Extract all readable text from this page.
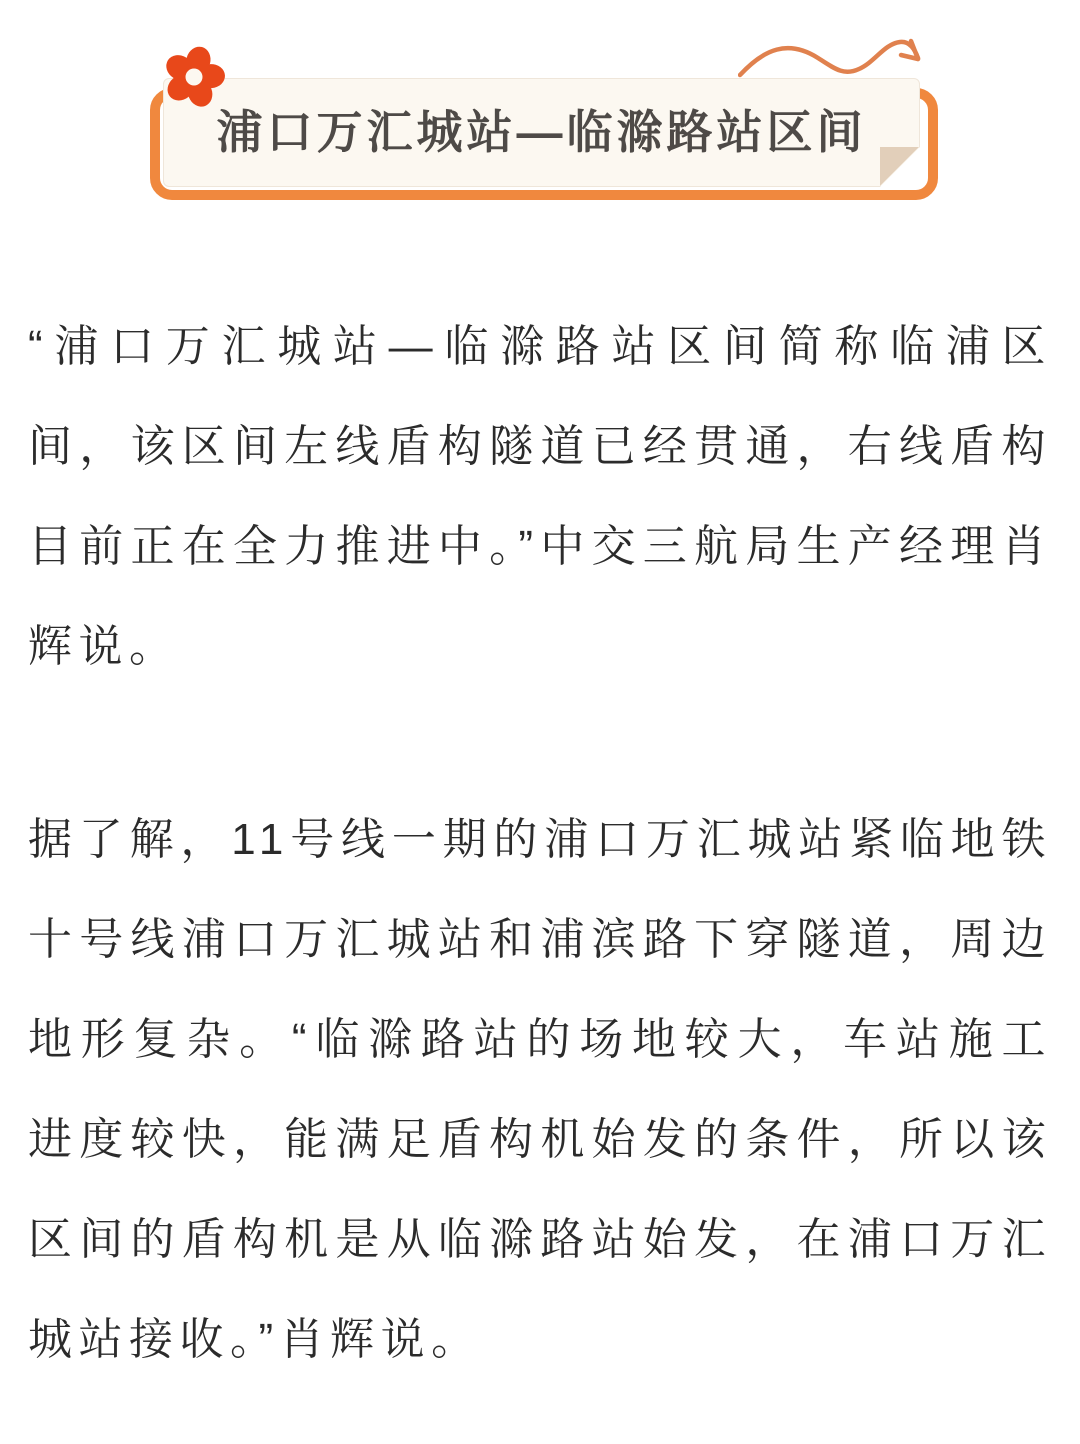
浦口万汇城站—临滁路站区间

“浦口万汇城站—临滁路站区间简称临浦区间，该区间左线盾构隧道已经贯通，右线盾构目前正在全力推进中。”中交三航局生产经理肖辉说。

据了解，11号线一期的浦口万汇城站紧临地铁十号线浦口万汇城站和浦滨路下穿隧道，周边地形复杂。“临滁路站的场地较大，车站施工进度较快，能满足盾构机始发的条件，所以该区间的盾构机是从临滁路站始发，在浦口万汇城站接收。”肖辉说。
